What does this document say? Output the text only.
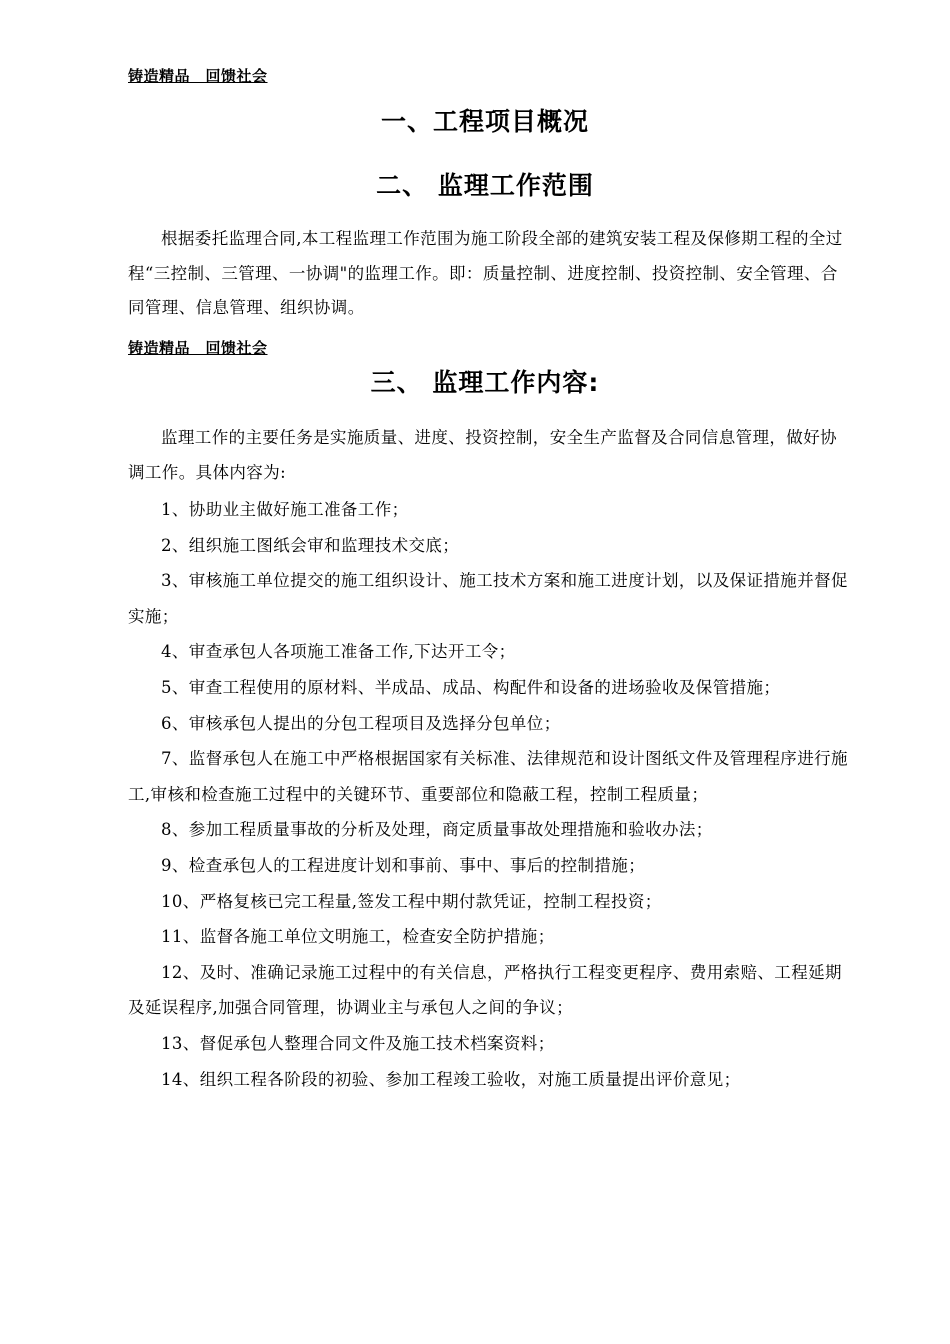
铸造精品　回馈社会
一、工程项目概况
二、 监理工作范围

根据委托监理合同,本工程监理工作范围为施工阶段全部的建筑安装工程及保修期工程的全过程“三控制、三管理、一协调"的监理工作。即：质量控制、进度控制、投资控制、安全管理、合同管理、信息管理、组织协调。

铸造精品　回馈社会
三、 监理工作内容:

监理工作的主要任务是实施质量、进度、投资控制，安全生产监督及合同信息管理，做好协调工作。具体内容为:

1、协助业主做好施工准备工作；

2、组织施工图纸会审和监理技术交底；

3、审核施工单位提交的施工组织设计、施工技术方案和施工进度计划，以及保证措施并督促实施；

4、审查承包人各项施工准备工作,下达开工令；

5、审查工程使用的原材料、半成品、成品、构配件和设备的进场验收及保管措施；

6、审核承包人提出的分包工程项目及选择分包单位；

7、监督承包人在施工中严格根据国家有关标准、法律规范和设计图纸文件及管理程序进行施工,审核和检查施工过程中的关键环节、重要部位和隐蔽工程，控制工程质量；

8、参加工程质量事故的分析及处理，商定质量事故处理措施和验收办法；

9、检查承包人的工程进度计划和事前、事中、事后的控制措施；

10、严格复核已完工程量,签发工程中期付款凭证，控制工程投资；

11、监督各施工单位文明施工，检查安全防护措施；

12、及时、准确记录施工过程中的有关信息，严格执行工程变更程序、费用索赔、工程延期及延误程序,加强合同管理，协调业主与承包人之间的争议；

13、督促承包人整理合同文件及施工技术档案资料；

14、组织工程各阶段的初验、参加工程竣工验收，对施工质量提出评价意见；
